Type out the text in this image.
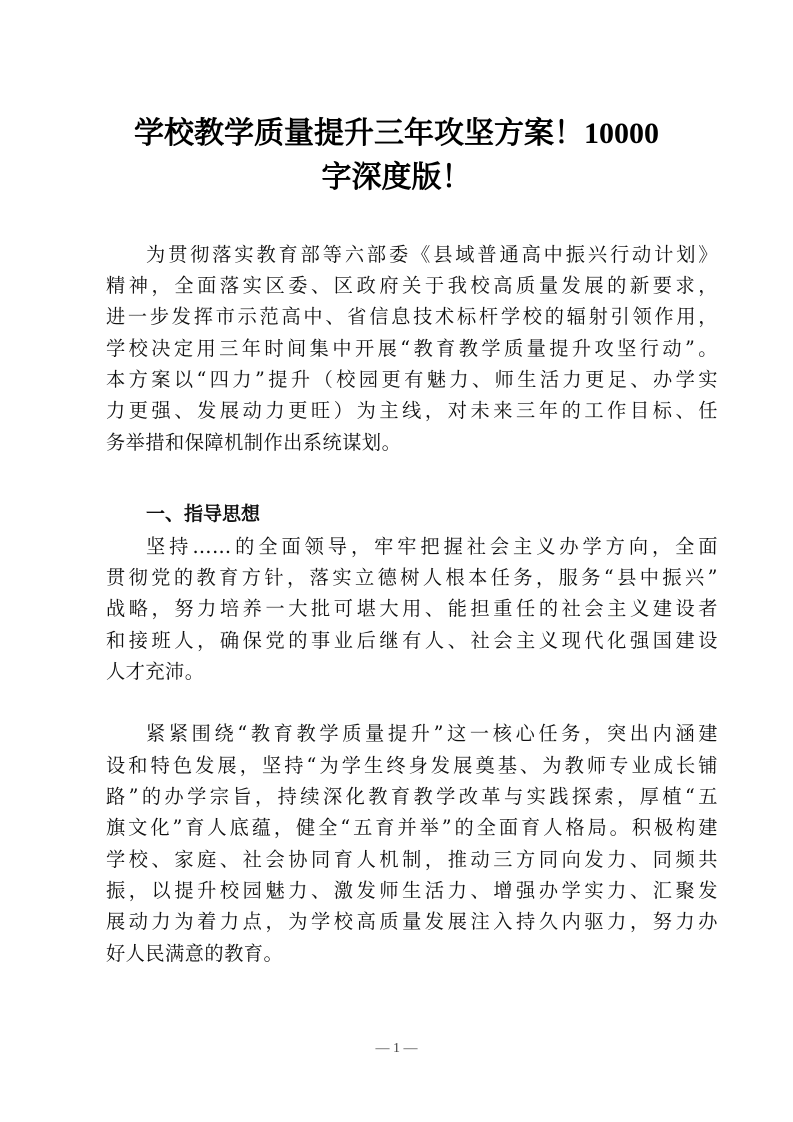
学校教学质量提升三年攻坚方案！10000
字深度版！
为贯彻落实教育部等六部委《县域普通高中振兴行动计划》
精神，全面落实区委、区政府关于我校高质量发展的新要求，
进一步发挥市示范高中、省信息技术标杆学校的辐射引领作用，
学校决定用三年时间集中开展“教育教学质量提升攻坚行动”。
本方案以“四力”提升（校园更有魅力、师生活力更足、办学实
力更强、发展动力更旺）为主线，对未来三年的工作目标、任
务举措和保障机制作出系统谋划。
一、指导思想
坚持……的全面领导，牢牢把握社会主义办学方向，全面
贯彻党的教育方针，落实立德树人根本任务，服务“县中振兴”
战略，努力培养一大批可堪大用、能担重任的社会主义建设者
和接班人，确保党的事业后继有人、社会主义现代化强国建设
人才充沛。
紧紧围绕“教育教学质量提升”这一核心任务，突出内涵建
设和特色发展，坚持“为学生终身发展奠基、为教师专业成长铺
路”的办学宗旨，持续深化教育教学改革与实践探索，厚植“五
旗文化”育人底蕴，健全“五育并举”的全面育人格局。积极构建
学校、家庭、社会协同育人机制，推动三方同向发力、同频共
振，以提升校园魅力、激发师生活力、增强办学实力、汇聚发
展动力为着力点，为学校高质量发展注入持久内驱力，努力办
好人民满意的教育。
— 1 —
